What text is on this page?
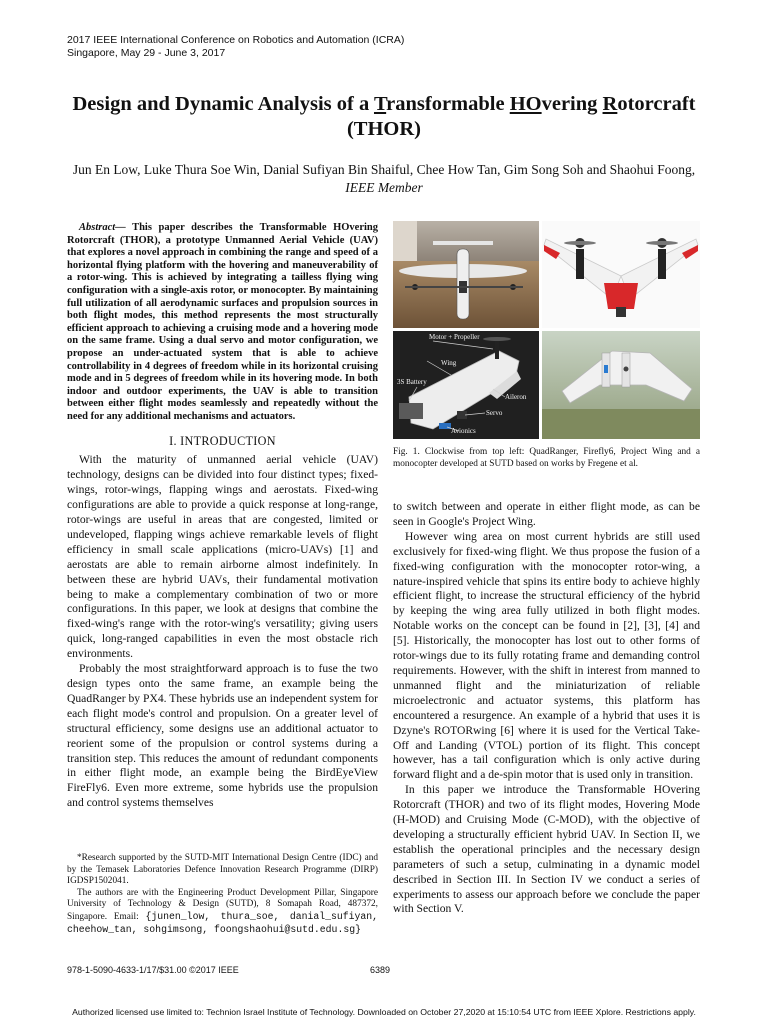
2017 IEEE International Conference on Robotics and Automation (ICRA)
Singapore, May 29 - June 3, 2017
Design and Dynamic Analysis of a Transformable HOvering Rotorcraft
(THOR)
Jun En Low, Luke Thura Soe Win, Danial Sufiyan Bin Shaiful, Chee How Tan, Gim Song Soh and Shaohui Foong, IEEE Member

Abstract— This paper describes the Transformable HOvering Rotorcraft (THOR), a prototype Unmanned Aerial Vehicle (UAV) that explores a novel approach in combining the range and speed of a horizontal flying platform with the hovering and maneuverability of a rotor-wing. This is achieved by integrating a tailless flying wing configuration with a single-axis rotor, or monocopter. By maintaining full utilization of all aerodynamic surfaces and propulsion sources in both flight modes, this method represents the most structurally efficient approach to achieving a cruising mode and a hovering mode on the same frame. Using a dual servo and motor configuration, we propose an under-actuated system that is able to achieve controllability in 4 degrees of freedom while in its horizontal cruising mode and in 5 degrees of freedom while in its hovering mode. In both indoor and outdoor experiments, the UAV is able to transition between either flight modes seamlessly and repeatedly without the need for any additional mechanisms and actuators.

I. INTRODUCTION

With the maturity of unmanned aerial vehicle (UAV) technology, designs can be divided into four distinct types; fixed-wings, rotor-wings, flapping wings and aerostats. Fixed-wing configurations are able to provide a quick response at long-range, rotor-wings are useful in areas that are congested, limited or undeveloped, flapping wings achieve remarkable levels of flight efficiency in small scale applications (micro-UAVs) [1] and aerostats are able to remain airborne almost indefinitely. In between these are hybrid UAVs, their fundamental motivation being to make a complementary combination of two or more configurations. In this paper, we look at designs that combine the fixed-wing's range with the rotor-wing's versatility; giving users quick, long-ranged capabilities in even the most obstacle rich environments.

Probably the most straightforward approach is to fuse the two design types onto the same frame, an example being the QuadRanger by PX4. These hybrids use an independent system for each flight mode's control and propulsion. On a greater level of structural efficiency, some designs use an additional actuator to reorient some of the propulsion or control systems during a transition step. This reduces the amount of redundant components in either flight mode, an example being the BirdEyeView FireFly6. Even more extreme, some hybrids use the propulsion and control systems themselves

*Research supported by the SUTD-MIT International Design Centre (IDC) and by the Temasek Laboratories Defence Innovation Research Programme (DIRP) IGDSP1502041.

The authors are with the Engineering Product Development Pillar, Singapore University of Technology & Design (SUTD), 8 Somapah Road, 487372, Singapore. Email: {junen_low, thura_soe, danial_sufiyan, cheehow_tan, sohgimsong, foongshaohui@sutd.edu.sg}

Motor + Propeller
Wing
3S Battery
Aileron
Servo
Avionics
Fig. 1. Clockwise from top left: QuadRanger, Firefly6, Project Wing and a monocopter developed at SUTD based on works by Fregene et al.

to switch between and operate in either flight mode, as can be seen in Google's Project Wing.

However wing area on most current hybrids are still used exclusively for fixed-wing flight. We thus propose the fusion of a fixed-wing configuration with the monocopter rotor-wing, a nature-inspired vehicle that spins its entire body to achieve highly efficient flight, to increase the structural efficiency of the hybrid by keeping the wing area fully utilized in both flight modes. Notable works on the concept can be found in [2], [3], [4] and [5]. Historically, the monocopter has lost out to other forms of rotor-wings due to its fully rotating frame and demanding control requirements. However, with the shift in interest from manned to unmanned flight and the miniaturization of reliable microelectronic and actuator systems, this platform has encountered a resurgence. An example of a hybrid that uses it is Dzyne's ROTORwing [6] where it is used for the Vertical Take-Off and Landing (VTOL) portion of its flight. This concept however, has a tail configuration which is only active during forward flight and a de-spin motor that is used only in transition.

In this paper we introduce the Transformable HOvering Rotorcraft (THOR) and two of its flight modes, Hovering Mode (H-MOD) and Cruising Mode (C-MOD), with the objective of developing a structurally efficient hybrid UAV. In Section II, we establish the operational principles and the necessary design parameters of such a setup, culminating in a dynamic model described in Section III. In Section IV we conduct a series of experiments to assess our approach before we conclude the paper with Section V.

978-1-5090-4633-1/17/$31.00 ©2017 IEEE	6389
Authorized licensed use limited to: Technion Israel Institute of Technology. Downloaded on October 27,2020 at 15:10:54 UTC from IEEE Xplore. Restrictions apply.
